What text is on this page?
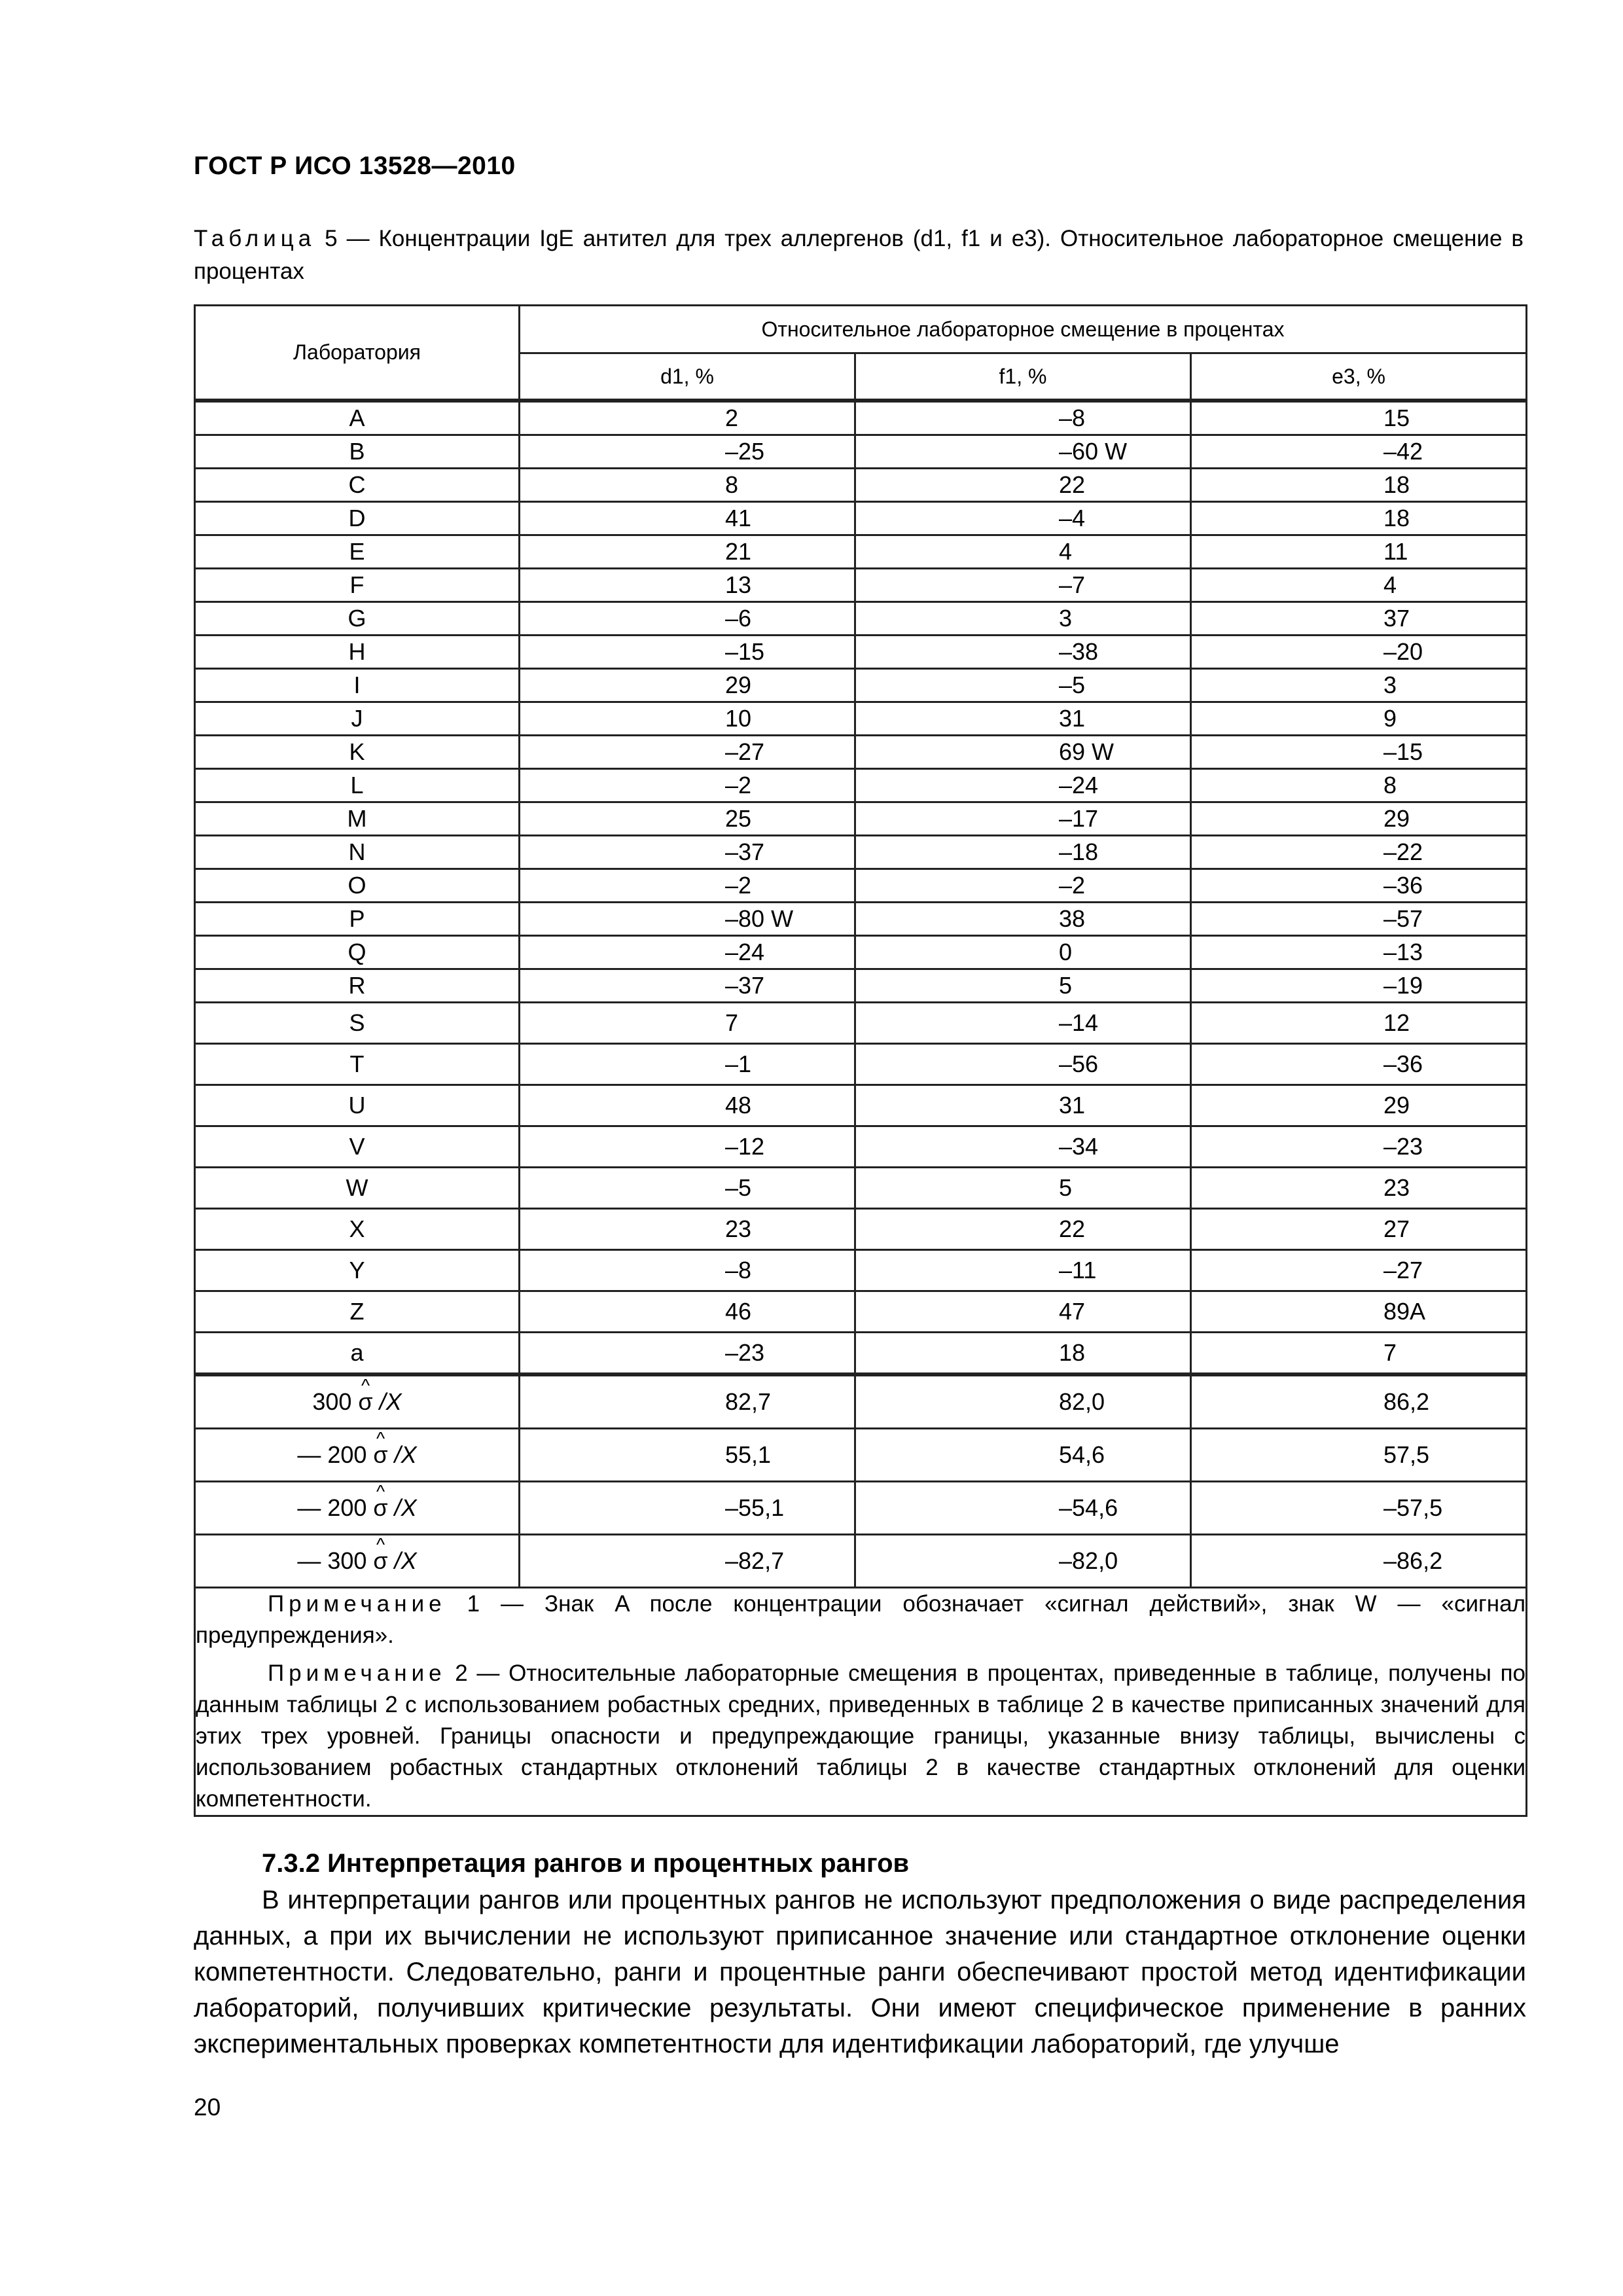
ГОСТ Р ИСО 13528—2010
Таблица 5 — Концентрации IgE антител для трех аллергенов (d1, f1 и e3). Относительное лабораторное смещение в процентах
Лаборатория	Относительное лабораторное смещение в процентах		
	d1, %	f1, %	e3, %
A	2	–8	15

B	–25	–60 W	–42

C	8	22	18

D	41	–4	18

E	21	4	11

F	13	–7	4

G	–6	3	37

H	–15	–38	–20

I	29	–5	3

J	10	31	9

K	–27	69 W	–15

L	–2	–24	8

M	25	–17	29

N	–37	–18	–22

O	–2	–2	–36

P	–80 W	38	–57

Q	–24	0	–13

R	–37	5	–19

S	7	–14	12

T	–1	–56	–36

U	48	31	29

V	–12	–34	–23

W	–5	5	23

X	23	22	27

Y	–8	–11	–27

Z	46	47	89A

a	–23	18	7

300 ^ σ /X	82,7	82,0	86,2

— 200 ^ σ /X	55,1	54,6	57,5

— 200 ^ σ /X	–55,1	–54,6	–57,5

— 300 ^ σ /X	–82,7	–82,0	–86,2

Примечание 1 — Знак A после концентрации обозначает «сигнал действий», знак W — «сигнал предупреждения».

Примечание 2 — Относительные лабораторные смещения в процентах, приведенные в таблице, получены по данным таблицы 2 с использованием робастных средних, приведенных в таблице 2 в качестве приписанных значений для этих трех уровней. Границы опасности и предупреждающие границы, указанные внизу таблицы, вычислены с использованием робастных стандартных отклонений таблицы 2 в качестве стандартных отклонений для оценки компетентности.			

7.3.2 Интерпретация рангов и процентных рангов

В интерпретации рангов или процентных рангов не используют предположения о виде распределения данных, а при их вычислении не используют приписанное значение или стандартное отклонение оценки компетентности. Следовательно, ранги и процентные ранги обеспечивают простой метод идентификации лабораторий, получивших критические результаты. Они имеют специфическое применение в ранних экспериментальных проверках компетентности для идентификации лабораторий, где улучше

20
